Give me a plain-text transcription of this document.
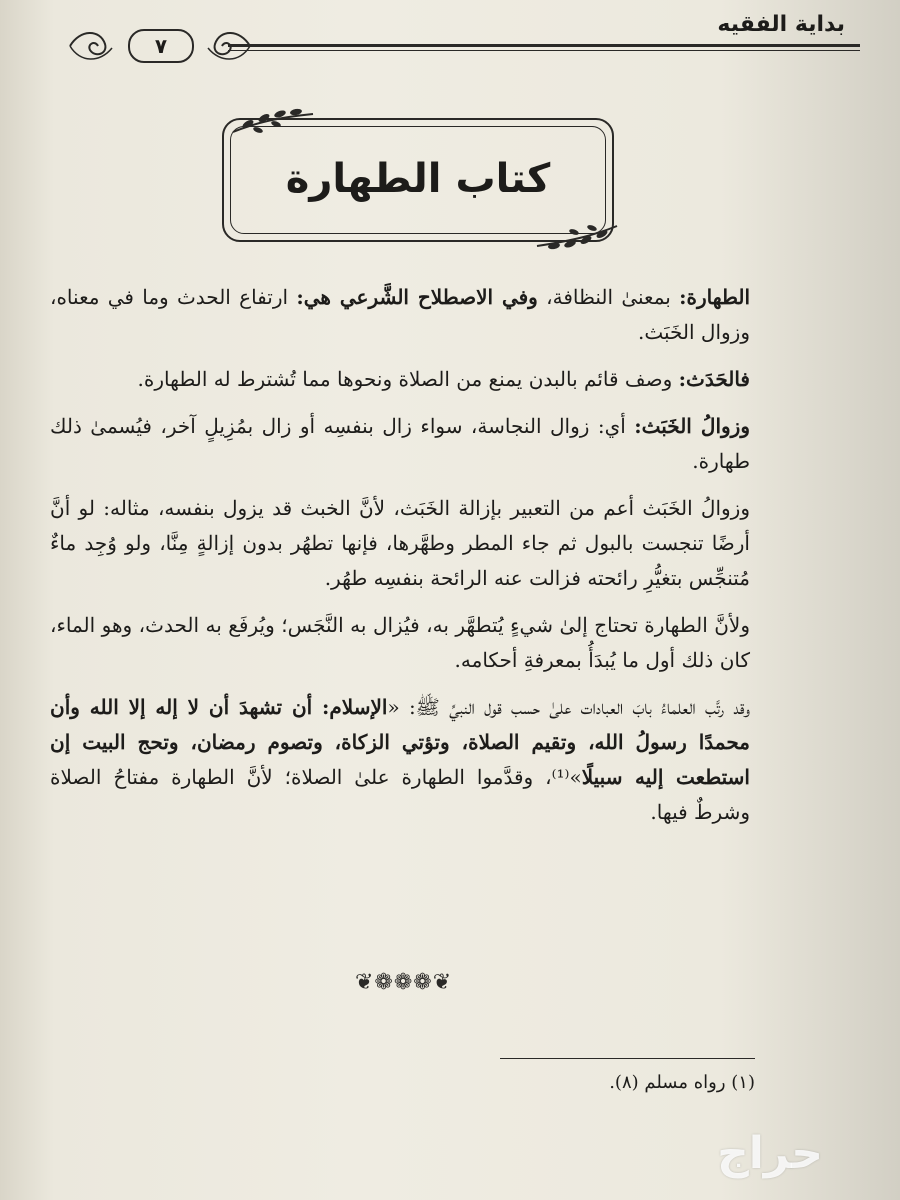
بداية الفقيه
٧
كتاب الطهارة

الطهارة: بمعنىٰ النظافة، وفي الاصطلاح الشَّرعي هي: ارتفاع الحدث وما في معناه، وزوال الخَبَث.

فالحَدَث: وصف قائم بالبدن يمنع من الصلاة ونحوها مما تُشترط له الطهارة.

وزوالُ الخَبَث: أي: زوال النجاسة، سواء زال بنفسِه أو زال بمُزِيلٍ آخر، فيُسمىٰ ذلك طهارة.

وزوالُ الخَبَث أعم من التعبير بإزالة الخَبَث، لأنَّ الخبث قد يزول بنفسه، مثاله: لو أنَّ أرضًا تنجست بالبول ثم جاء المطر وطهَّرها، فإنها تطهُر بدون إزالةٍ مِنَّا، ولو وُجِد ماءٌ مُتنجِّس بتغيُّرِ رائحته فزالت عنه الرائحة بنفسِه طهُر.

ولأنَّ الطهارة تحتاج إلىٰ شيءٍ يُتطهَّر به، فيُزال به النَّجَس؛ ويُرفَع به الحدث، وهو الماء، كان ذلك أول ما يُبدَأُ بمعرفةِ أحكامه.

وقد رتَّب العلماءُ بابَ العبادات علىٰ حسب قول النبيِّ ﷺ: «الإسلام: أن تشهدَ أن لا إله إلا الله وأن محمدًا رسولُ الله، وتقيم الصلاة، وتؤتي الزكاة، وتصوم رمضان، وتحج البيت إن استطعت إليه سبيلًا»⁽¹⁾، وقدَّموا الطهارة علىٰ الصلاة؛ لأنَّ الطهارة مفتاحُ الصلاة وشرطٌ فيها.

❦❁❁❁❦
(١) رواه مسلم (٨).
حراج
